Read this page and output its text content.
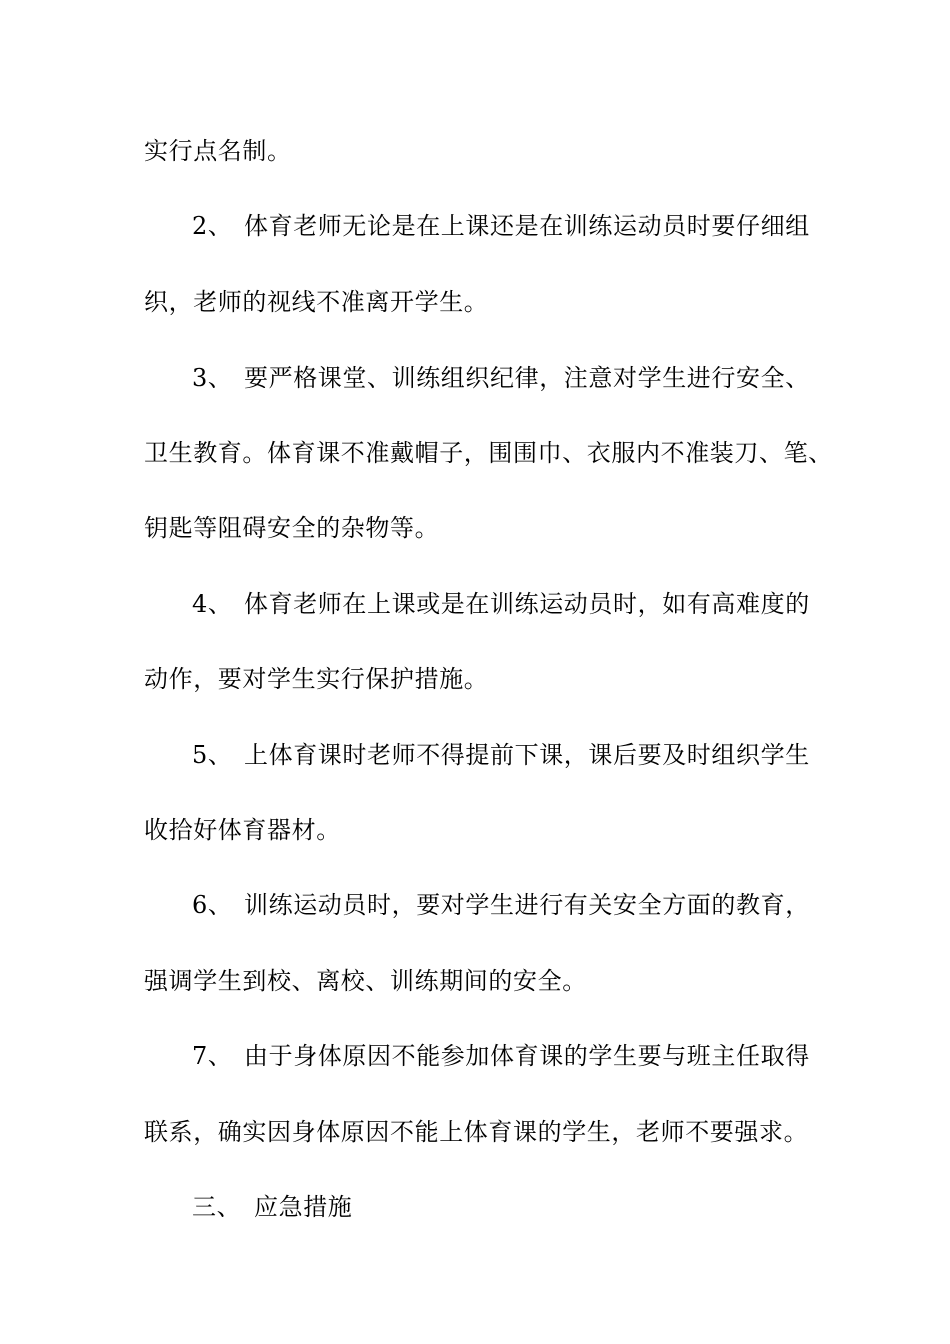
实行点名制。
2、 体育老师无论是在上课还是在训练运动员时要仔细组
织，老师的视线不准离开学生。
3、 要严格课堂、训练组织纪律，注意对学生进行安全、
卫生教育。体育课不准戴帽子，围围巾、衣服内不准装刀、笔、
钥匙等阻碍安全的杂物等。
4、 体育老师在上课或是在训练运动员时，如有高难度的
动作，要对学生实行保护措施。
5、 上体育课时老师不得提前下课，课后要及时组织学生
收拾好体育器材。
6、 训练运动员时，要对学生进行有关安全方面的教育，
强调学生到校、离校、训练期间的安全。
7、 由于身体原因不能参加体育课的学生要与班主任取得
联系，确实因身体原因不能上体育课的学生，老师不要强求。
三、 应急措施
